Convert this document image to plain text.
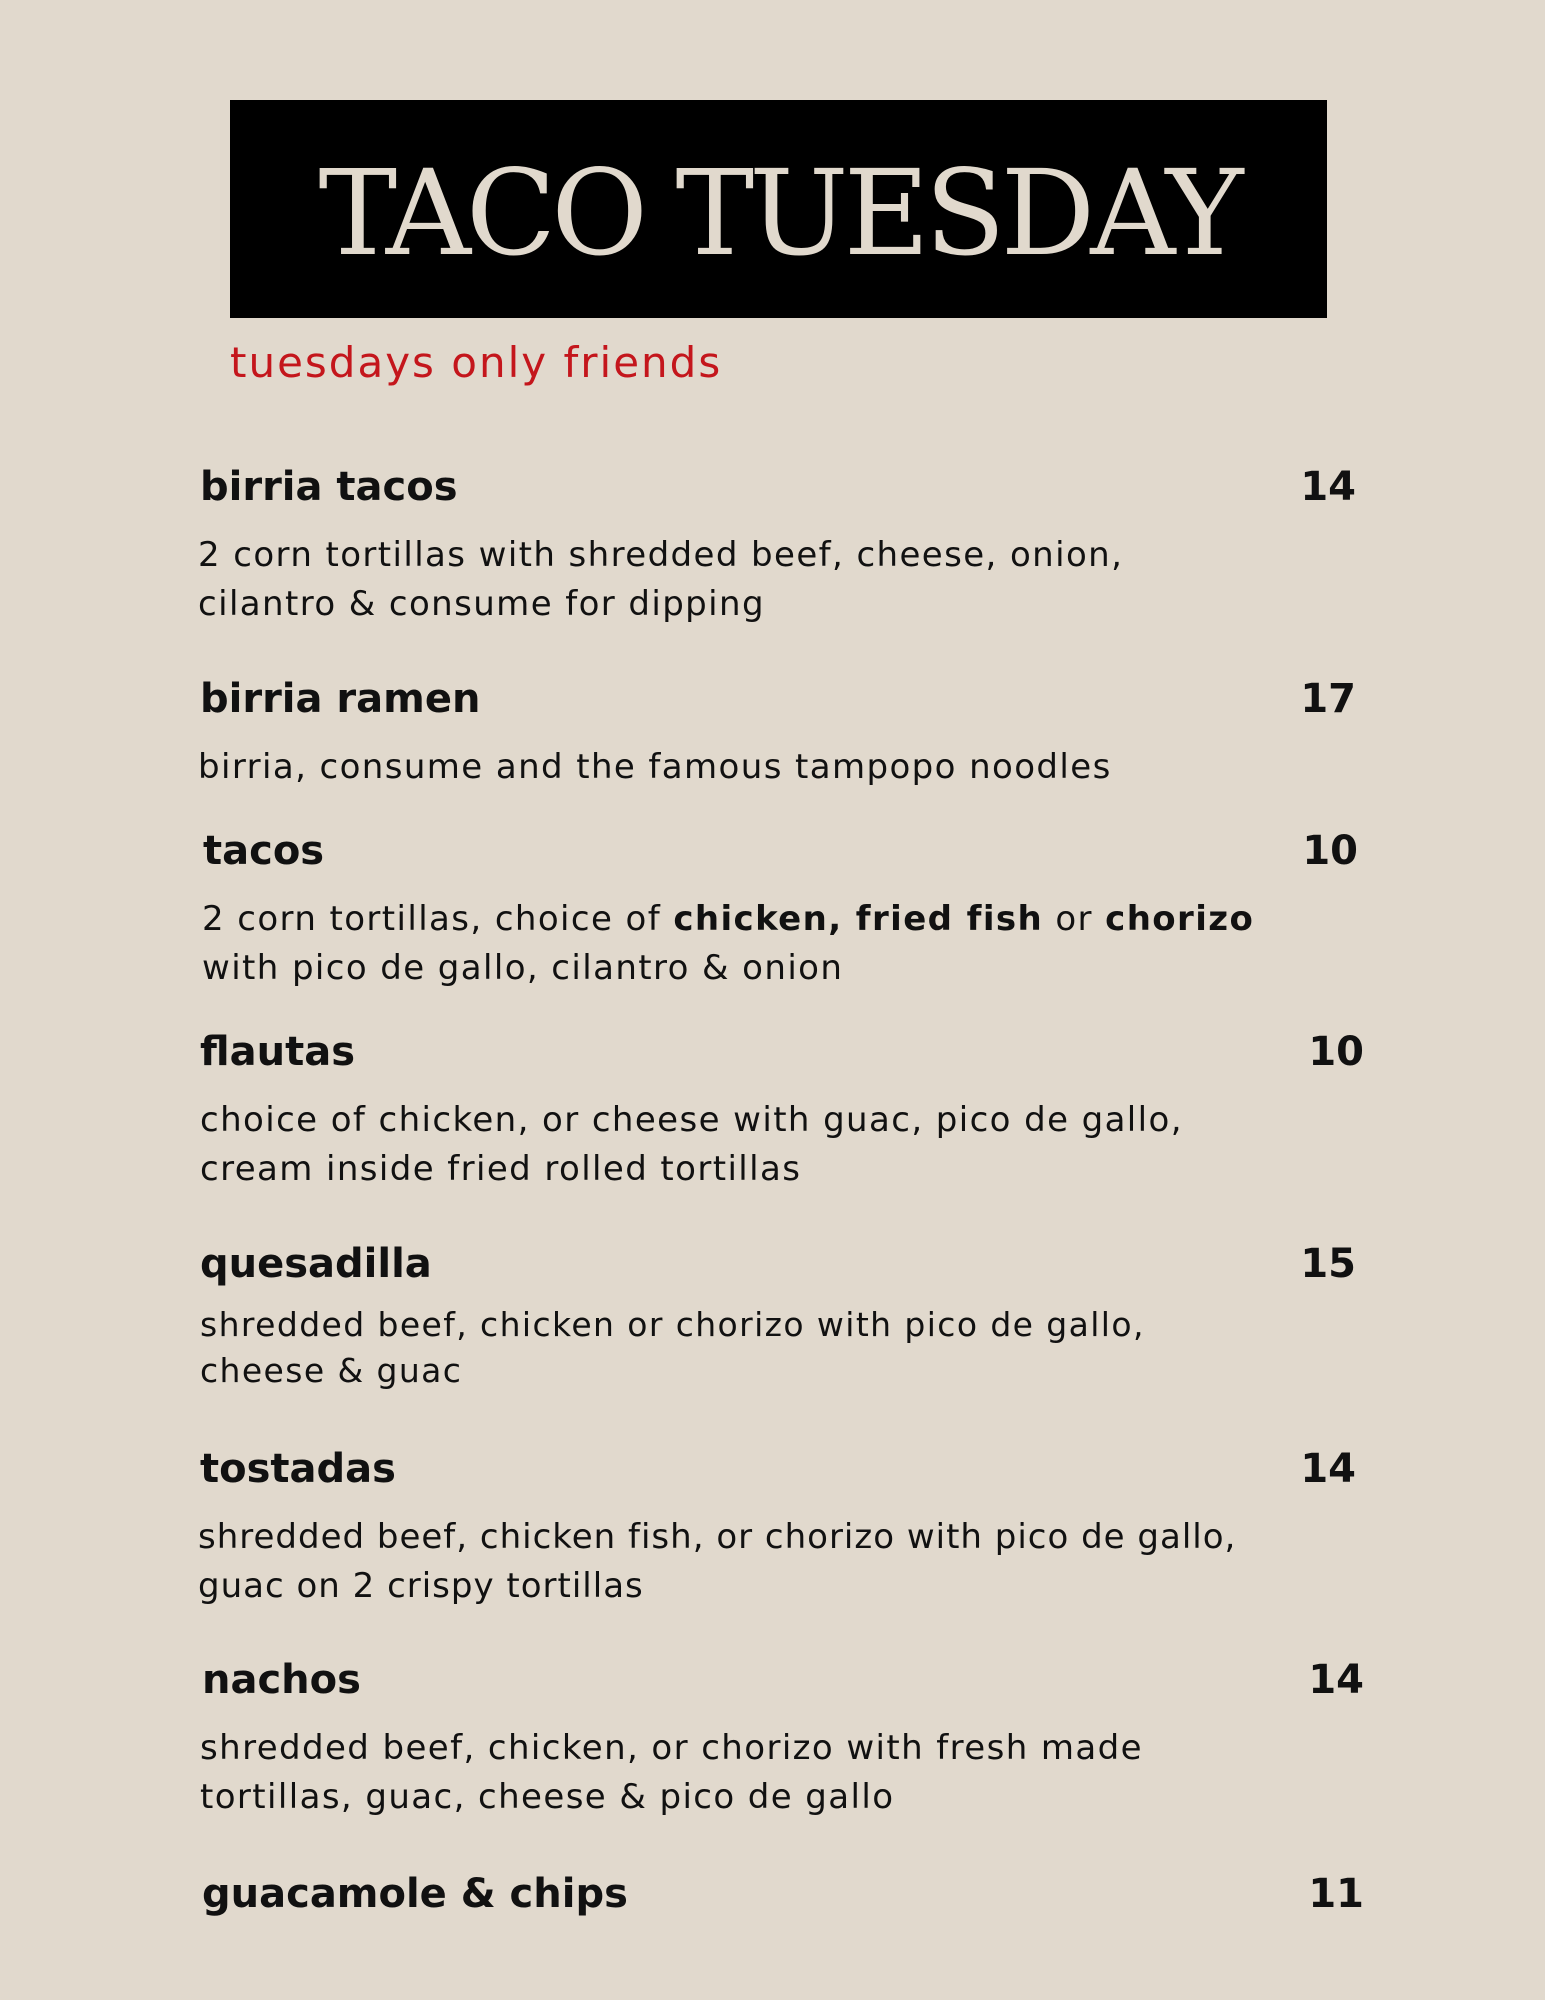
TACO TUESDAY
tuesdays only friends
birria tacos	14
2 corn tortillas with shredded beef, cheese, onion,
cilantro & consume for dipping
birria ramen	17
birria, consume and the famous tampopo noodles
tacos	10
2 corn tortillas, choice of chicken, fried fish or chorizo
with pico de gallo, cilantro & onion
flautas	10
choice of chicken, or cheese with guac, pico de gallo,
cream inside fried rolled tortillas
quesadilla	15
shredded beef, chicken or chorizo with pico de gallo,
cheese & guac
tostadas	14
shredded beef, chicken fish, or chorizo with pico de gallo,
guac on 2 crispy tortillas
nachos	14
shredded beef, chicken, or chorizo with fresh made
tortillas, guac, cheese & pico de gallo
guacamole & chips	11
